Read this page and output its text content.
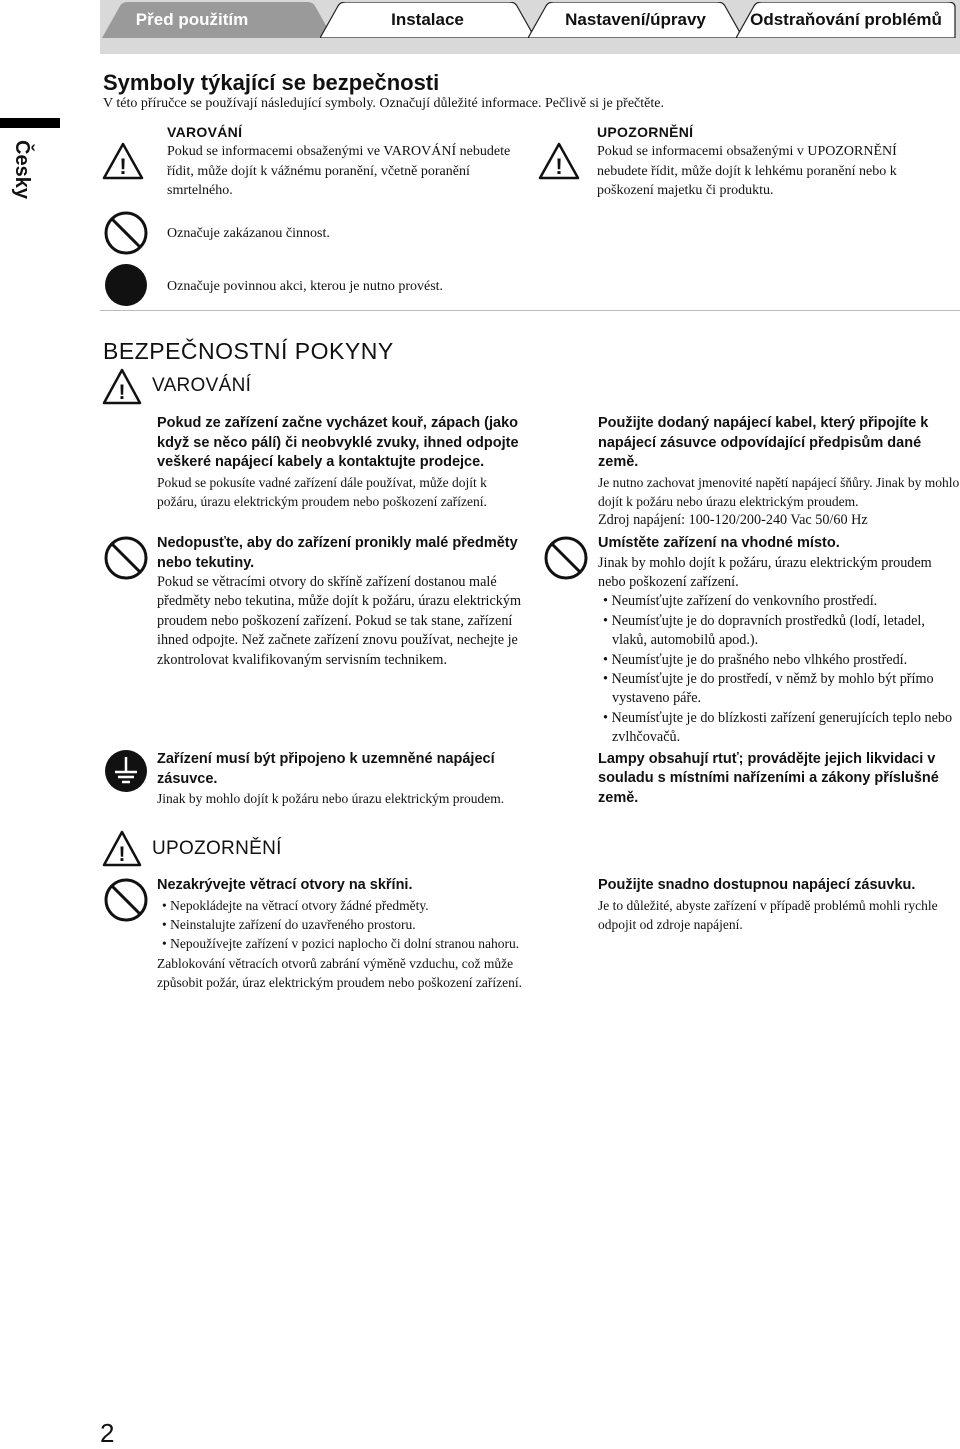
Před použitím	Instalace	Nastavení/úpravy	Odstraňování problémů
Česky
Symboly týkající se bezpečnosti
V této příručce se používají následující symboly. Označují důležité informace. Pečlivě si je přečtěte.
!
VAROVÁNÍ
Pokud se informacemi obsaženými ve VAROVÁNÍ nebudete řídit, může dojít k vážnému poranění, včetně poranění smrtelného.
!
UPOZORNĚNÍ
Pokud se informacemi obsaženými v UPOZORNĚNÍ nebudete řídit, může dojít k lehkému poranění nebo k poškození majetku či produktu.
Označuje zakázanou činnost.
Označuje povinnou akci, kterou je nutno provést.
BEZPEČNOSTNÍ POKYNY
! VAROVÁNÍ
Pokud ze zařízení začne vycházet kouř, zápach (jako když se něco pálí) či neobvyklé zvuky, ihned odpojte veškeré napájecí kabely a kontaktujte prodejce.
Pokud se pokusíte vadné zařízení dále používat, může dojít k požáru, úrazu elektrickým proudem nebo poškození zařízení.
Nedopusťte, aby do zařízení pronikly malé předměty nebo tekutiny.
Pokud se větracími otvory do skříně zařízení dostanou malé předměty nebo tekutina, může dojít k požáru, úrazu elektrickým proudem nebo poškození zařízení. Pokud se tak stane, zařízení ihned odpojte. Než začnete zařízení znovu používat, nechejte je zkontrolovat kvalifikovaným servisním technikem.
Zařízení musí být připojeno k uzemněné napájecí zásuvce.
Jinak by mohlo dojít k požáru nebo úrazu elektrickým proudem.
Použijte dodaný napájecí kabel, který připojíte k napájecí zásuvce odpovídající předpisům dané země.
Je nutno zachovat jmenovité napětí napájecí šňůry. Jinak by mohlo dojít k požáru nebo úrazu elektrickým proudem.
Zdroj napájení: 100-120/200-240 Vac 50/60 Hz
Umístěte zařízení na vhodné místo.
Jinak by mohlo dojít k požáru, úrazu elektrickým proudem nebo poškození zařízení.
• Neumísťujte zařízení do venkovního prostředí.
• Neumísťujte je do dopravních prostředků (lodí, letadel, vlaků, automobilů apod.).
• Neumísťujte je do prašného nebo vlhkého prostředí.
• Neumísťujte je do prostředí, v němž by mohlo být přímo vystaveno páře.
• Neumísťujte je do blízkosti zařízení generujících teplo nebo zvlhčovačů.
Lampy obsahují rtuť; provádějte jejich likvidaci v souladu s místními nařízeními a zákony příslušné země.
! UPOZORNĚNÍ
Nezakrývejte větrací otvory na skříni.
• Nepokládejte na větrací otvory žádné předměty.
• Neinstalujte zařízení do uzavřeného prostoru.
• Nepoužívejte zařízení v pozici naplocho či dolní stranou nahoru.
Zablokování větracích otvorů zabrání výměně vzduchu, což může způsobit požár, úraz elektrickým proudem nebo poškození zařízení.
Použijte snadno dostupnou napájecí zásuvku.
Je to důležité, abyste zařízení v případě problémů mohli rychle odpojit od zdroje napájení.
2
